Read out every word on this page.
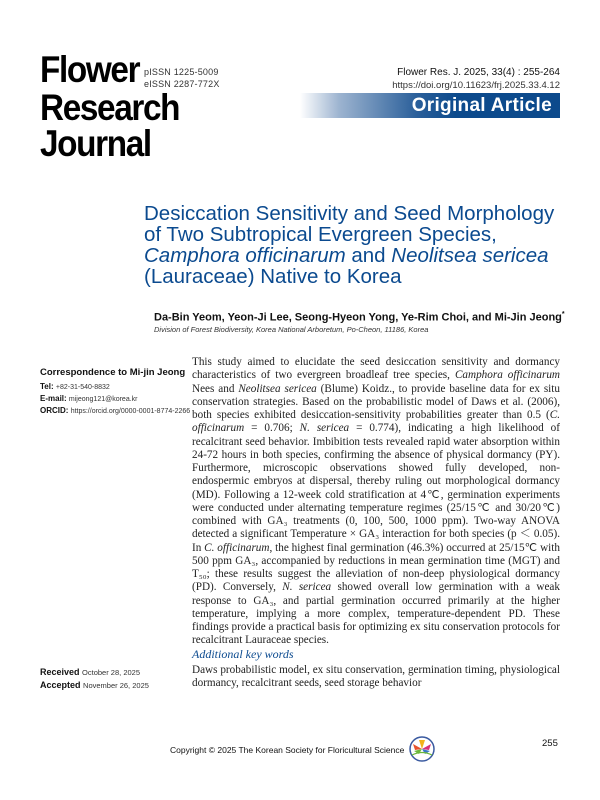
Flower
Research
Journal
pISSN 1225-5009
eISSN 2287-772X
Flower Res. J. 2025, 33(4) : 255-264
https://doi.org/10.11623/frj.2025.33.4.12
Original Article
Desiccation Sensitivity and Seed Morphology
of Two Subtropical Evergreen Species,
Camphora officinarum and Neolitsea sericea
(Lauraceae) Native to Korea
Da-Bin Yeom, Yeon-Ji Lee, Seong-Hyeon Yong, Ye-Rim Choi, and Mi-Jin Jeong*
Division of Forest Biodiversity, Korea National Arboretum, Po-Cheon, 11186, Korea
Correspondence to Mi-jin Jeong
Tel: +82-31-540-8832
E-mail: mijeong121@korea.kr
ORCID: https://orcid.org/0000-0001-8774-2266
This study aimed to elucidate the seed desiccation sensitivity and dormancy characteristics of two evergreen broadleaf tree species, Camphora officinarum Nees and Neolitsea sericea (Blume) Koidz., to provide baseline data for ex situ conservation strategies. Based on the probabilistic model of Daws et al. (2006), both species exhibited desiccation-sensitivity probabilities greater than 0.5 (C. officinarum = 0.706; N. sericea = 0.774), indicating a high likelihood of recalcitrant seed behavior. Imbibition tests revealed rapid water absorption within 24-72 hours in both species, confirming the absence of physical dormancy (PY). Furthermore, microscopic observations showed fully developed, non-endospermic embryos at dispersal, thereby ruling out morphological dormancy (MD). Following a 12-week cold stratification at 4℃, germination experiments were conducted under alternating temperature regimes (25/15℃ and 30/20℃) combined with GA₃ treatments (0, 100, 500, 1000 ppm). Two-way ANOVA detected a significant Temperature × GA₃ interaction for both species (p ＜ 0.05). In C. officinarum, the highest final germination (46.3%) occurred at 25/15℃ with 500 ppm GA₃, accompanied by reductions in mean germination time (MGT) and T₅₀; these results suggest the alleviation of non-deep physiological dormancy (PD). Conversely, N. sericea showed overall low germination with a weak response to GA₃, and partial germination occurred primarily at the higher temperature, implying a more complex, temperature-dependent PD. These findings provide a practical basis for optimizing ex situ conservation protocols for recalcitrant Lauraceae species.
Additional key words
Daws probabilistic model, ex situ conservation, germination timing, physiological dormancy, recalcitrant seeds, seed storage behavior
Received October 28, 2025
Accepted November 26, 2025
Copyright © 2025 The Korean Society for Floricultural Science
255
